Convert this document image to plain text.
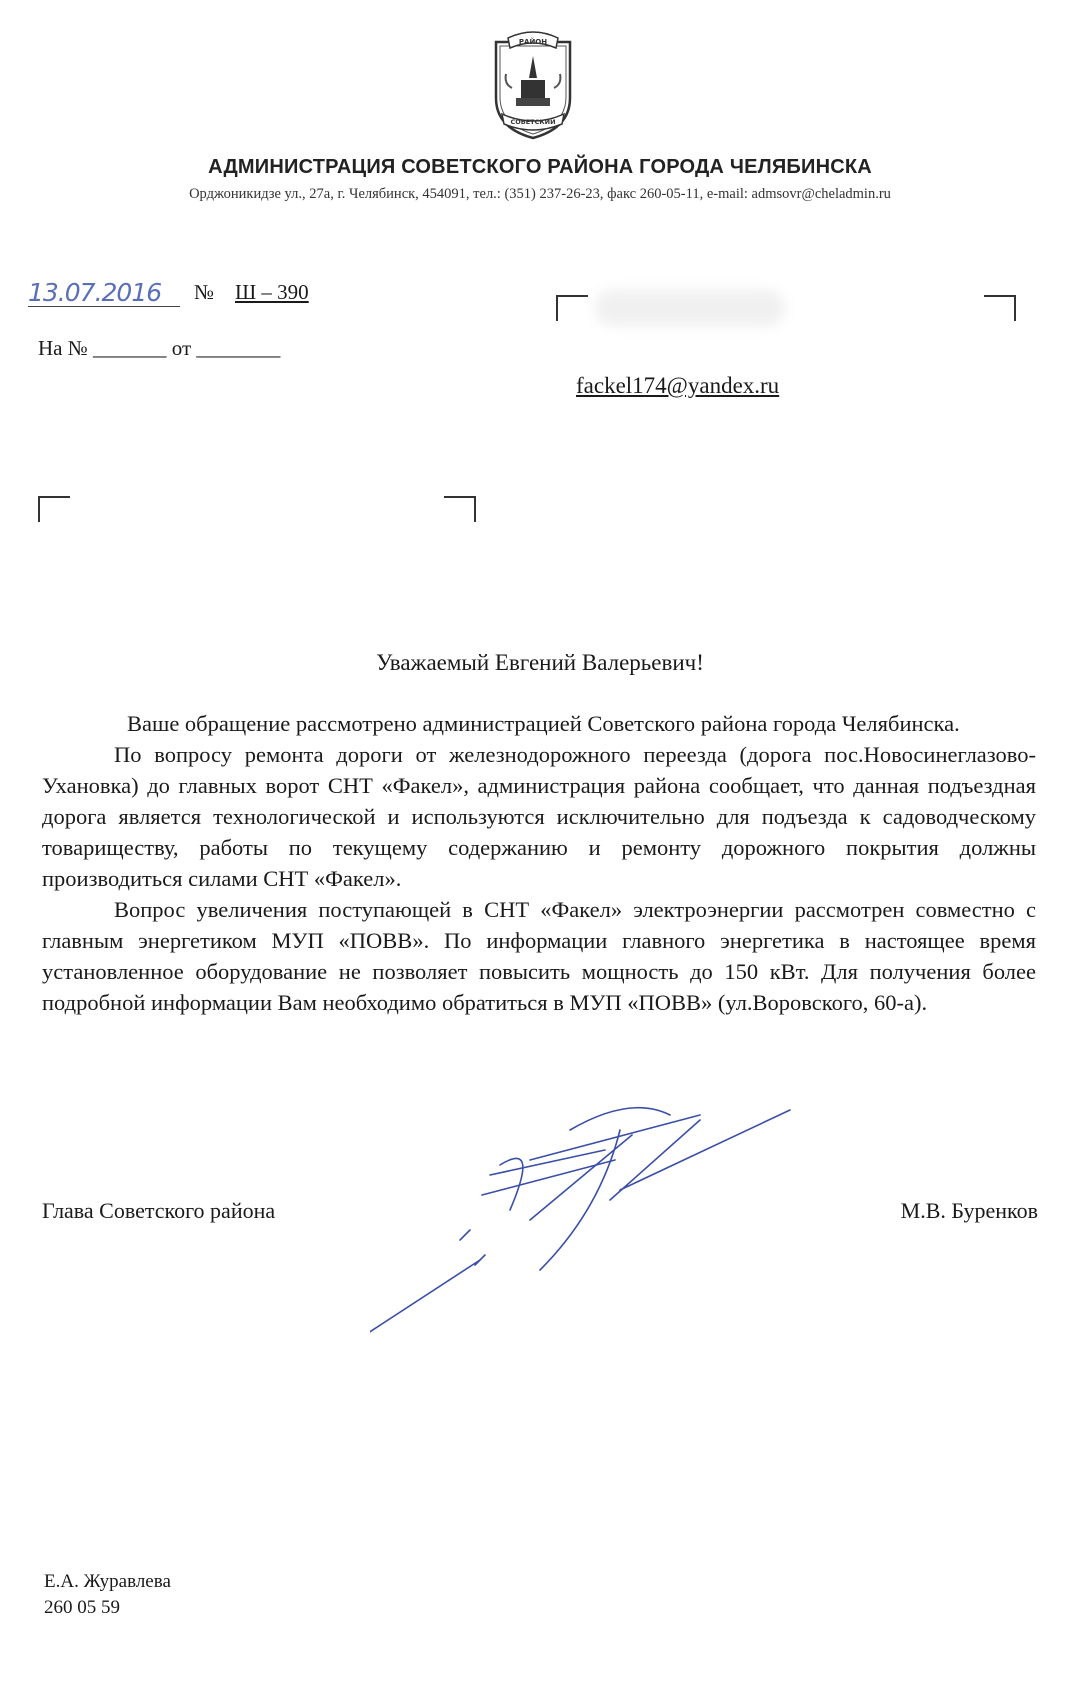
РАЙОН
СОВЕТСКИЙ
АДМИНИСТРАЦИЯ СОВЕТСКОГО РАЙОНА ГОРОДА ЧЕЛЯБИНСКА
Орджоникидзе ул., 27а, г. Челябинск, 454091, тел.: (351) 237-26-23, факс 260-05-11, e-mail: admsovr@cheladmin.ru
13.07.2016	№ Ш – 390
На № _______ от ________
fackel174@yandex.ru
Уважаемый Евгений Валерьевич!

Ваше обращение рассмотрено администрацией Советского района города Челябинска.

По вопросу ремонта дороги от железнодорожного переезда (дорога пос.Новосинеглазово-Ухановка) до главных ворот СНТ «Факел», администрация района сообщает, что данная подъездная дорога является технологической и используются исключительно для подъезда к садоводческому товариществу, работы по текущему содержанию и ремонту дорожного покрытия должны производиться силами СНТ «Факел».

Вопрос увеличения поступающей в СНТ «Факел» электроэнергии рассмотрен совместно с главным энергетиком МУП «ПОВВ». По информации главного энергетика в настоящее время установленное оборудование не позволяет повысить мощность до 150 кВт. Для получения более подробной информации Вам необходимо обратиться в МУП «ПОВВ» (ул.Воровского, 60-а).

Глава Советского района	М.В. Буренков
Е.А. Журавлева
260 05 59
